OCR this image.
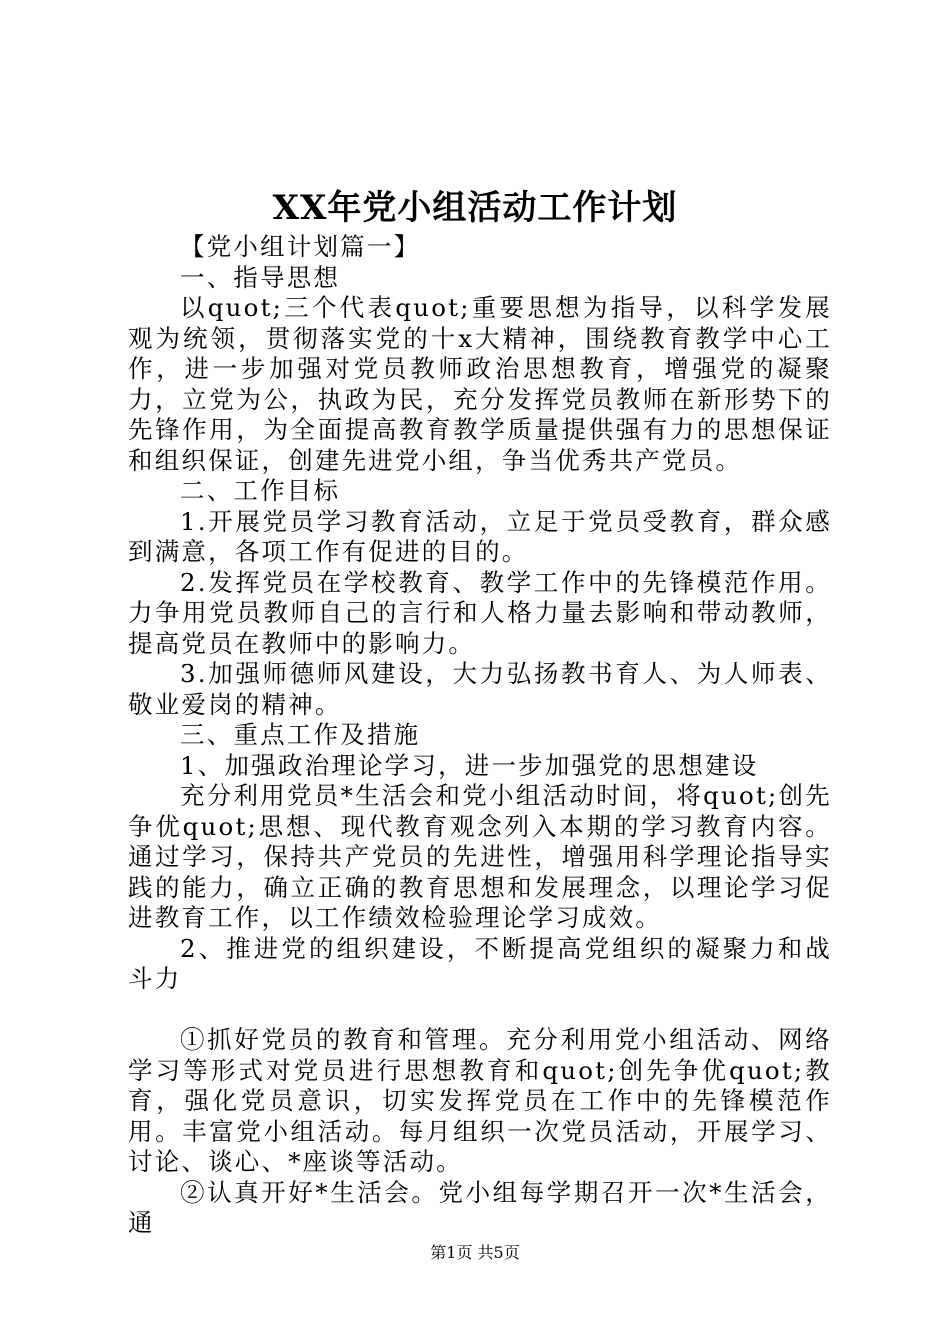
XX年党小组活动工作计划

【党小组计划篇一】

一、指导思想

以quot;三个代表quot;重要思想为指导，以科学发展观为统领，贯彻落实党的十x大精神，围绕教育教学中心工作，进一步加强对党员教师政治思想教育，增强党的凝聚力，立党为公，执政为民，充分发挥党员教师在新形势下的先锋作用，为全面提高教育教学质量提供强有力的思想保证和组织保证，创建先进党小组，争当优秀共产党员。

二、工作目标

1.开展党员学习教育活动，立足于党员受教育，群众感到满意，各项工作有促进的目的。

2.发挥党员在学校教育、教学工作中的先锋模范作用。力争用党员教师自己的言行和人格力量去影响和带动教师，提高党员在教师中的影响力。

3.加强师德师风建设，大力弘扬教书育人、为人师表、敬业爱岗的精神。

三、重点工作及措施

1、加强政治理论学习，进一步加强党的思想建设

充分利用党员*生活会和党小组活动时间，将quot;创先争优quot;思想、现代教育观念列入本期的学习教育内容。通过学习，保持共产党员的先进性，增强用科学理论指导实践的能力，确立正确的教育思想和发展理念，以理论学习促进教育工作，以工作绩效检验理论学习成效。

2、推进党的组织建设，不断提高党组织的凝聚力和战斗力

①抓好党员的教育和管理。充分利用党小组活动、网络学习等形式对党员进行思想教育和quot;创先争优quot;教育，强化党员意识，切实发挥党员在工作中的先锋模范作用。丰富党小组活动。每月组织一次党员活动，开展学习、讨论、谈心、*座谈等活动。

②认真开好*生活会。党小组每学期召开一次*生活会，通

第1页 共5页
